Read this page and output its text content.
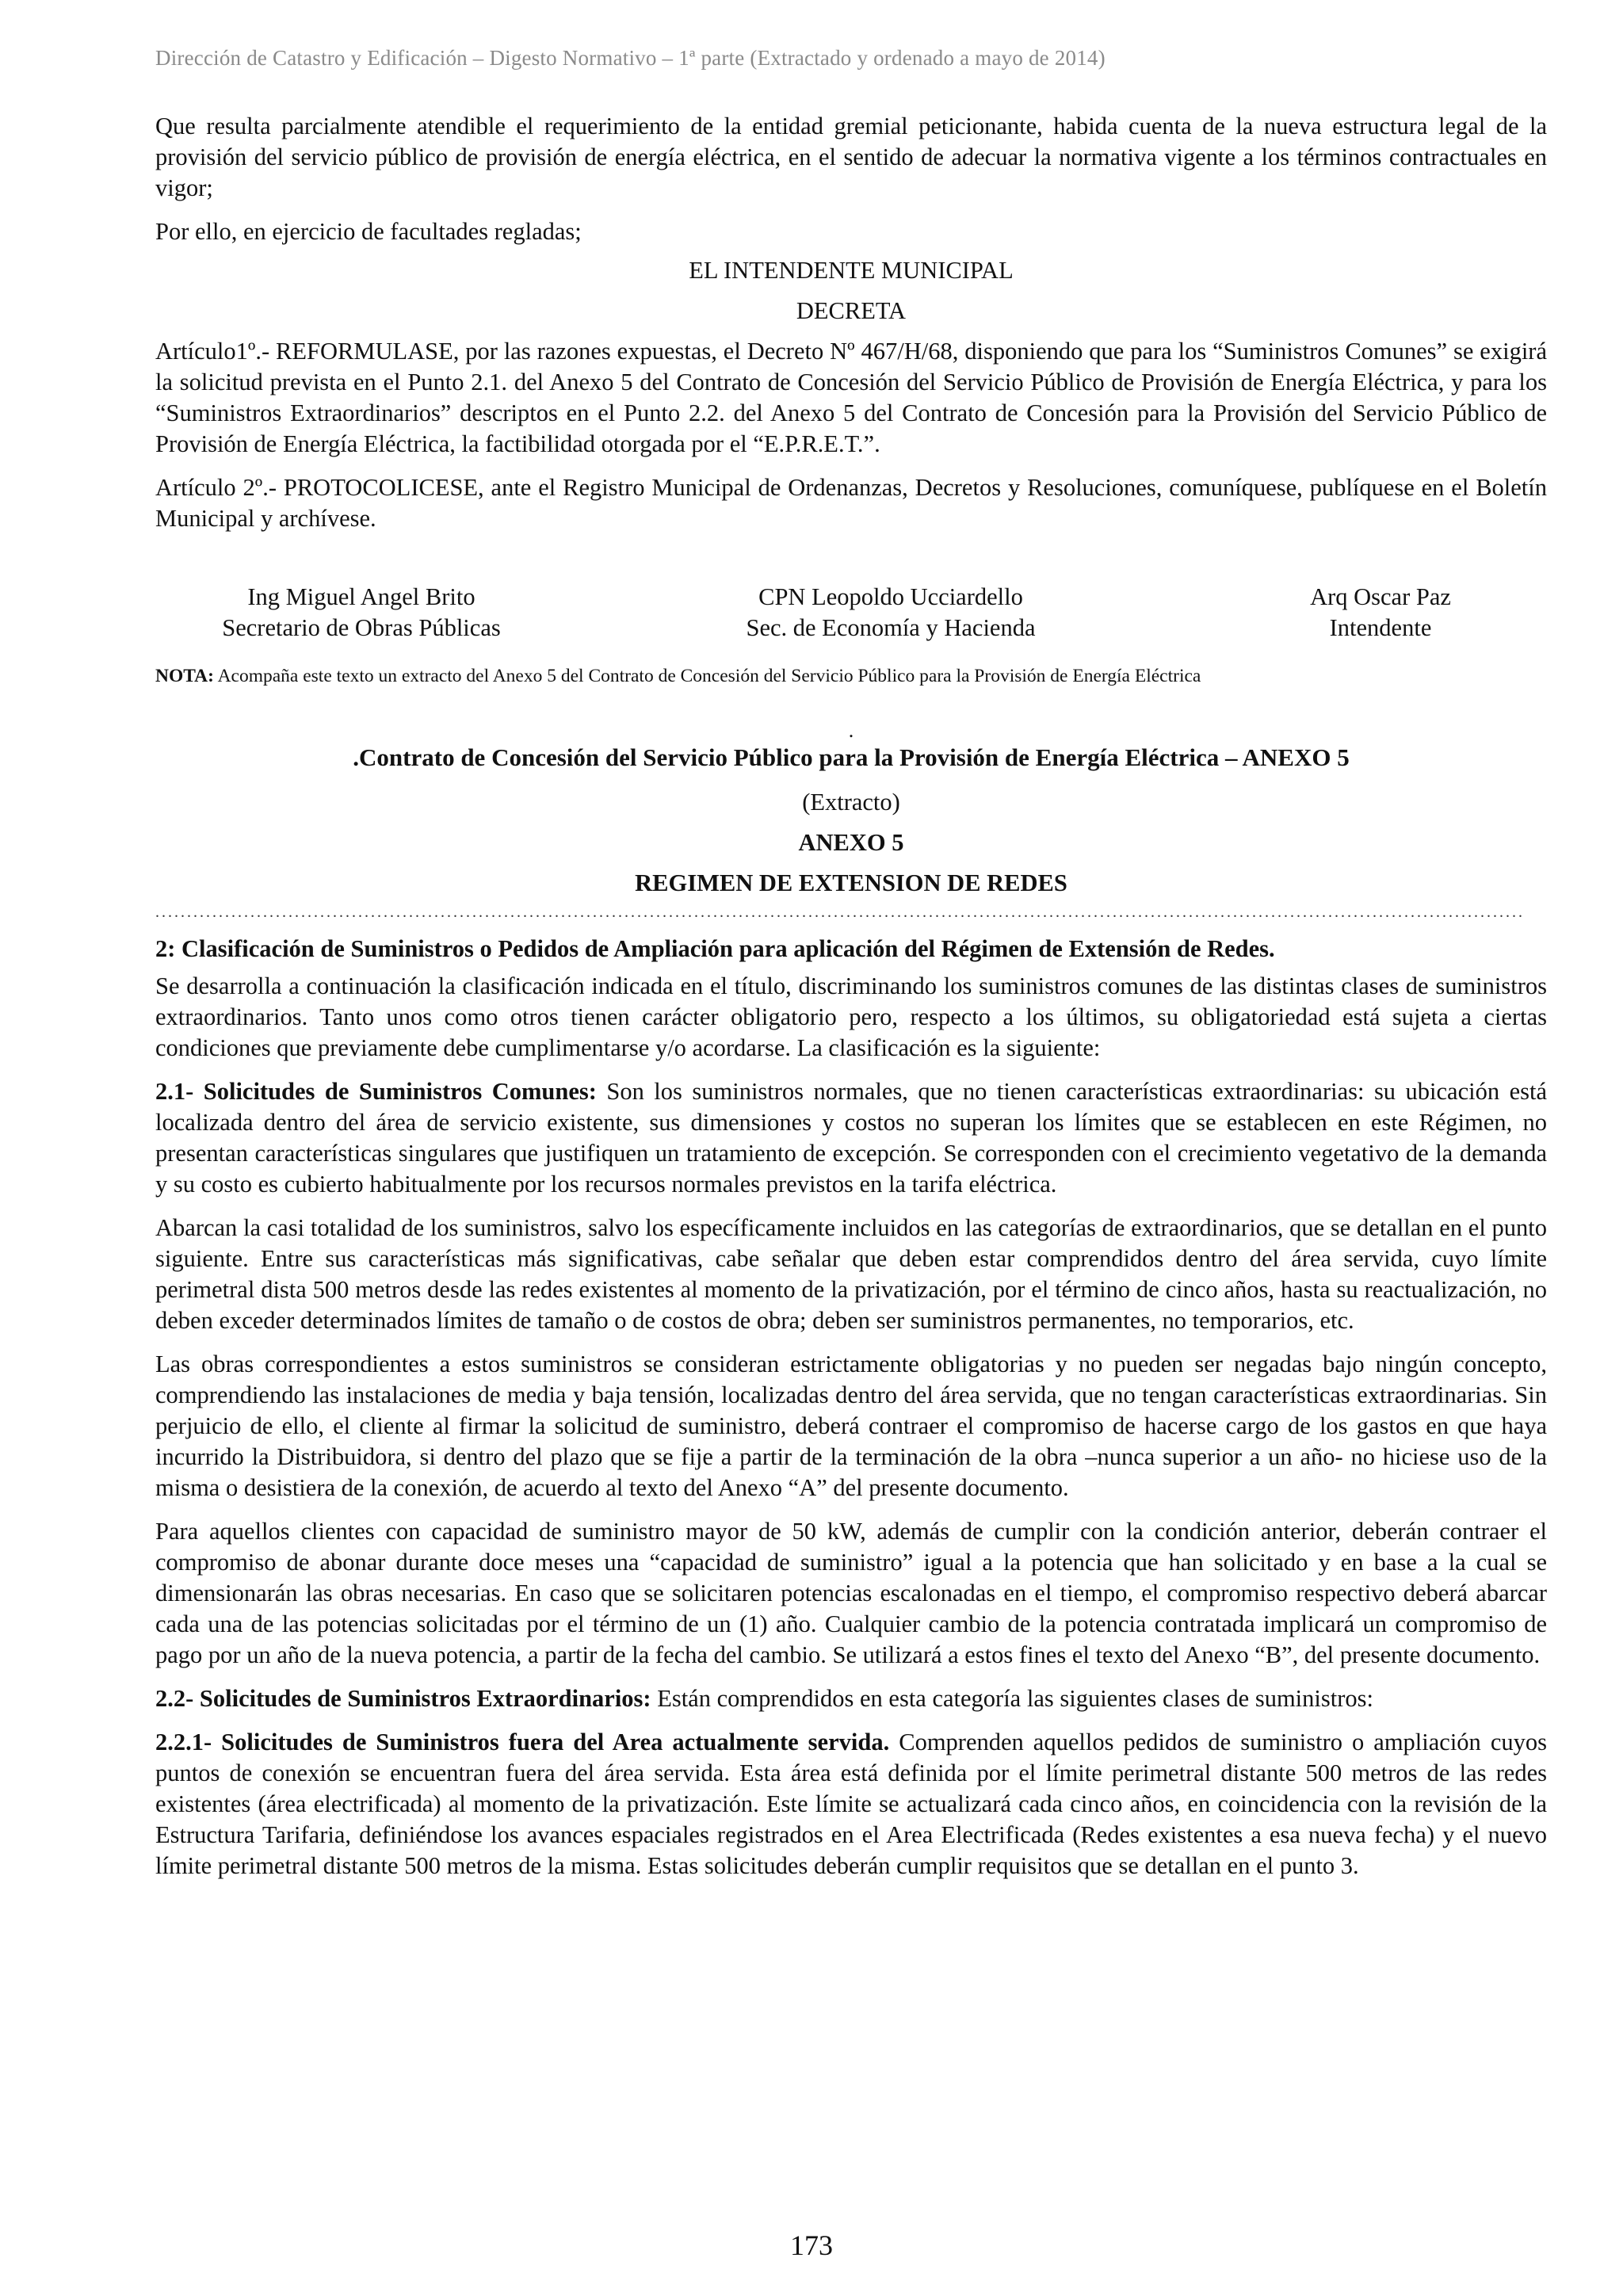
Dirección de Catastro y Edificación – Digesto Normativo – 1ª parte (Extractado y ordenado a mayo de 2014)

Que resulta parcialmente atendible el requerimiento de la entidad gremial peticionante, habida cuenta de la nueva estructura legal de la provisión del servicio público de provisión de energía eléctrica, en el sentido de adecuar la normativa vigente a los términos contractuales en vigor;

Por ello, en ejercicio de facultades regladas;

EL INTENDENTE MUNICIPAL
DECRETA

Artículo1º.- REFORMULASE, por las razones expuestas, el Decreto Nº 467/H/68, disponiendo que para los “Suministros Comunes” se exigirá la solicitud prevista en el Punto 2.1. del Anexo 5 del Contrato de Concesión del Servicio Público de Provisión de Energía Eléctrica, y para los “Suministros Extraordinarios” descriptos en el Punto 2.2. del Anexo 5 del Contrato de Concesión para la Provisión del Servicio Público de Provisión de Energía Eléctrica, la factibilidad otorgada por el “E.P.R.E.T.”.

Artículo 2º.- PROTOCOLICESE, ante el Registro Municipal de Ordenanzas, Decretos y Resoluciones, comuníquese, publíquese en el Boletín Municipal y archívese.

Ing Miguel Angel Brito
Secretario de Obras Públicas
CPN Leopoldo Ucciardello
Sec. de Economía y Hacienda
Arq Oscar Paz
Intendente
NOTA: Acompaña este texto un extracto del Anexo 5 del Contrato de Concesión del Servicio Público para la Provisión de Energía Eléctrica
.
.Contrato de Concesión del Servicio Público para la Provisión de Energía Eléctrica – ANEXO 5
(Extracto)
ANEXO 5
REGIMEN DE EXTENSION DE REDES
........................................................................................................................................................................................................................

2: Clasificación de Suministros o Pedidos de Ampliación para aplicación del Régimen de Extensión de Redes.

Se desarrolla a continuación la clasificación indicada en el título, discriminando los suministros comunes de las distintas clases de suministros extraordinarios. Tanto unos como otros tienen carácter obligatorio pero, respecto a los últimos, su obligatoriedad está sujeta a ciertas condiciones que previamente debe cumplimentarse y/o acordarse. La clasificación es la siguiente:

2.1- Solicitudes de Suministros Comunes: Son los suministros normales, que no tienen características extraordinarias: su ubicación está localizada dentro del área de servicio existente, sus dimensiones y costos no superan los límites que se establecen en este Régimen, no presentan características singulares que justifiquen un tratamiento de excepción. Se corresponden con el crecimiento vegetativo de la demanda y su costo es cubierto habitualmente por los recursos normales previstos en la tarifa eléctrica.

Abarcan la casi totalidad de los suministros, salvo los específicamente incluidos en las categorías de extraordinarios, que se detallan en el punto siguiente. Entre sus características más significativas, cabe señalar que deben estar comprendidos dentro del área servida, cuyo límite perimetral dista 500 metros desde las redes existentes al momento de la privatización, por el término de cinco años, hasta su reactualización, no deben exceder determinados límites de tamaño o de costos de obra; deben ser suministros permanentes, no temporarios, etc.

Las obras correspondientes a estos suministros se consideran estrictamente obligatorias y no pueden ser negadas bajo ningún concepto, comprendiendo las instalaciones de media y baja tensión, localizadas dentro del área servida, que no tengan características extraordinarias. Sin perjuicio de ello, el cliente al firmar la solicitud de suministro, deberá contraer el compromiso de hacerse cargo de los gastos en que haya incurrido la Distribuidora, si dentro del plazo que se fije a partir de la terminación de la obra –nunca superior a un año- no hiciese uso de la misma o desistiera de la conexión, de acuerdo al texto del Anexo “A” del presente documento.

Para aquellos clientes con capacidad de suministro mayor de 50 kW, además de cumplir con la condición anterior, deberán contraer el compromiso de abonar durante doce meses una “capacidad de suministro” igual a la potencia que han solicitado y en base a la cual se dimensionarán las obras necesarias. En caso que se solicitaren potencias escalonadas en el tiempo, el compromiso respectivo deberá abarcar cada una de las potencias solicitadas por el término de un (1) año. Cualquier cambio de la potencia contratada implicará un compromiso de pago por un año de la nueva potencia, a partir de la fecha del cambio. Se utilizará a estos fines el texto del Anexo “B”, del presente documento.

2.2- Solicitudes de Suministros Extraordinarios: Están comprendidos en esta categoría las siguientes clases de suministros:

2.2.1- Solicitudes de Suministros fuera del Area actualmente servida. Comprenden aquellos pedidos de suministro o ampliación cuyos puntos de conexión se encuentran fuera del área servida. Esta área está definida por el límite perimetral distante 500 metros de las redes existentes (área electrificada) al momento de la privatización. Este límite se actualizará cada cinco años, en coincidencia con la revisión de la Estructura Tarifaria, definiéndose los avances espaciales registrados en el Area Electrificada (Redes existentes a esa nueva fecha) y el nuevo límite perimetral distante 500 metros de la misma. Estas solicitudes deberán cumplir requisitos que se detallan en el punto 3.

173
